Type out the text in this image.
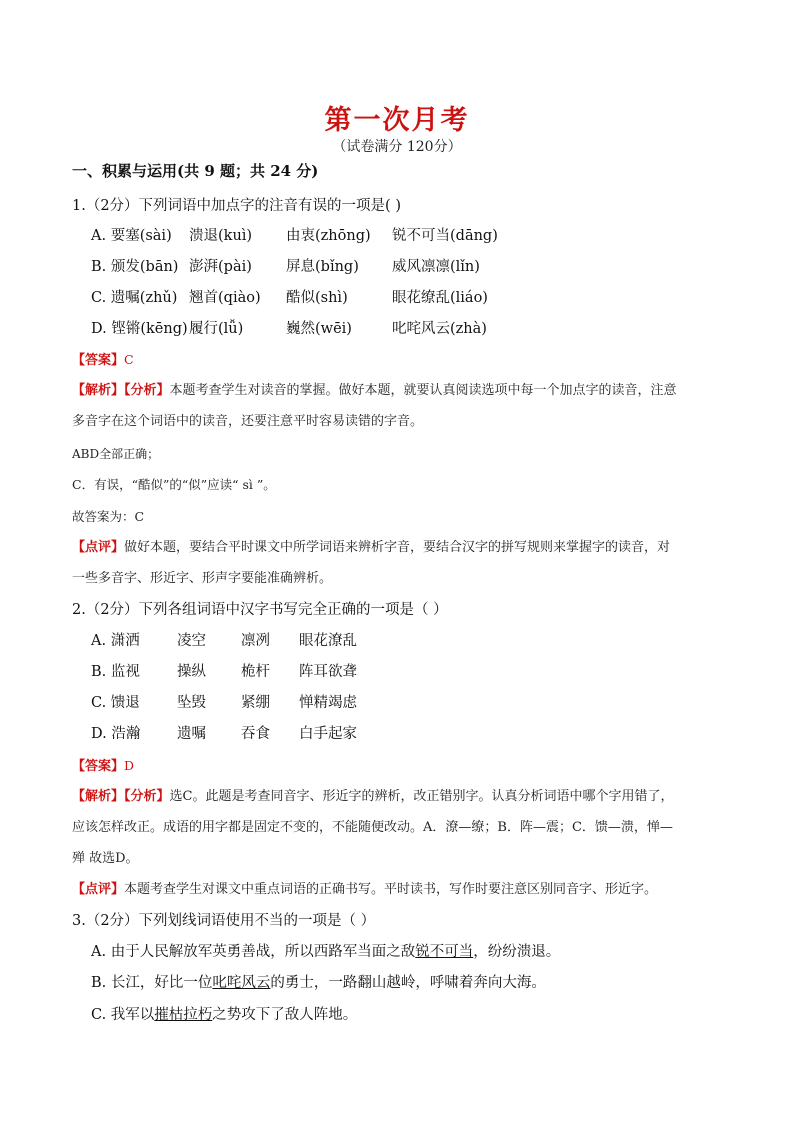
第一次月考
（试卷满分 120分）
一、积累与运用(共 9 题；共 24 分)
1.（2分）下列词语中加点字的注音有误的一项是( )
A. 要塞(sài) 溃退(kuì) 由衷(zhōng) 锐不可当(dāng)
B. 颁发(bān) 澎湃(pài) 屏息(bǐng) 威风凛凛(lǐn)
C. 遗嘱(zhǔ) 翘首(qiào) 酷似(shì)	眼花缭乱(liáo)
D. 铿锵(kēng)履行(lǚ)	巍然(wēi)	叱咤风云(zhà)
【答案】C
【解析】【分析】本题考查学生对读音的掌握。做好本题，就要认真阅读选项中每一个加点字的读音，注意
多音字在这个词语中的读音，还要注意平时容易读错的字音。
ABD全部正确；
C．有误，“酷似”的“似”应读“ sì ”。
故答案为：C
【点评】做好本题，要结合平时课文中所学词语来辨析字音，要结合汉字的拼写规则来掌握字的读音，对
一些多音字、形近字、形声字要能准确辨析。
2.（2分）下列各组词语中汉字书写完全正确的一项是（ ）
A. 潇洒	凌空 凛冽 眼花潦乱
B. 监视	操纵 桅杆 阵耳欲聋
C. 馈退	坠毁 紧绷 惮精竭虑
D. 浩瀚	遗嘱 吞食 白手起家
【答案】D
【解析】【分析】选C。此题是考查同音字、形近字的辨析，改正错别字。认真分析词语中哪个字用错了，
应该怎样改正。成语的用字都是固定不变的，不能随便改动。A．潦—缭；B．阵—震；C．馈—溃，惮—
殚 故选D。
【点评】本题考查学生对课文中重点词语的正确书写。平时读书，写作时要注意区别同音字、形近字。
3.（2分）下列划线词语使用不当的一项是（ ）
A. 由于人民解放军英勇善战，所以西路军当面之敌锐不可当，纷纷溃退。
B. 长江，好比一位叱咤风云的勇士，一路翻山越岭，呼啸着奔向大海。
C. 我军以摧枯拉朽之势攻下了敌人阵地。
